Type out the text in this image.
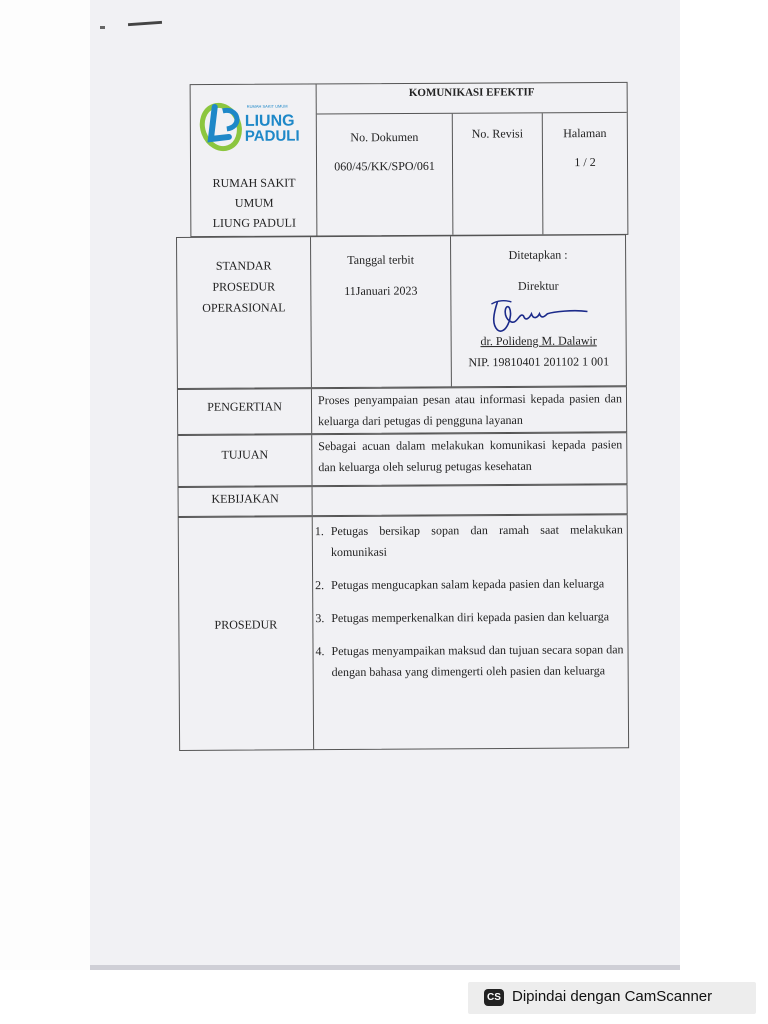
RUMAH SAKIT UMUM
LIUNG
PADULI
RUMAH SAKIT
UMUM
LIUNG PADULI
KOMUNIKASI EFEKTIF
No. Dokumen
060/45/KK/SPO/061
No. Revisi	Halaman
1 / 2
STANDAR
PROSEDUR
OPERASIONAL
Tanggal terbit
11Januari 2023
Ditetapkan :
Direktur
dr. Polideng M. Dalawir
NIP. 19810401 201102 1 001
PENGERTIAN	Proses penyampaian pesan atau informasi kepada pasien dan keluarga dari petugas di pengguna layanan
TUJUAN
Sebagai acuan dalam melakukan komunikasi kepada pasien dan keluarga oleh selurug petugas kesehatan
KEBIJAKAN
PROSEDUR
1. Petugas bersikap sopan dan ramah saat melakukan komunikasi
2. Petugas mengucapkan salam kepada pasien dan keluarga
3. Petugas memperkenalkan diri kepada pasien dan keluarga
4. Petugas menyampaikan maksud dan tujuan secara sopan dan dengan bahasa yang dimengerti oleh pasien dan keluarga
CS Dipindai dengan CamScanner
